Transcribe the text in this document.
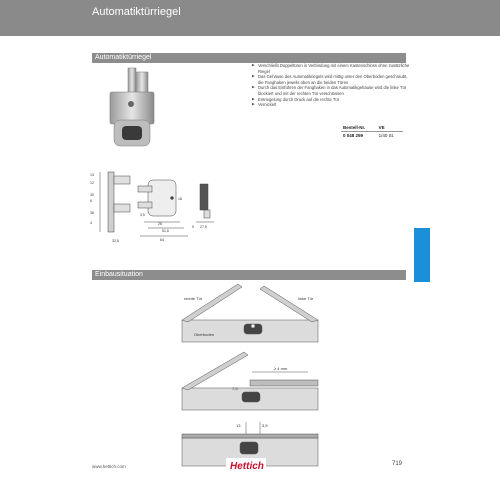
Automatiktürriegel
Automatiktürriegel
▶ Verschließt Doppeltüren in Verbindung mit einem Kastenschloss ohne zusätzliche Riegel
▶ Das Gehäuse des Automatikriegels wird mittig unter den Oberboden geschraubt, die Fanghaken jeweils oben an die beiden Türen
▶ Durch das Einführen der Fanghaken in das Automatikgehäuse wird die linke Tür blockiert und mit der rechten Tür verschlossen
▶ Entriegelung durch Druck auf die rechte Tür
▶ Vernickelt
Bestell-Nr.	VE
0 048 259	1/40 St.
13
12
30
6
36
4
32,5
3,5
18
26
51,5
64
9 27,5
Einbausituation
rechte Tür	linke Tür
Oberboden
≥ 4 mm
7,5
13	3,5
www.hettich.com	Hettich	719
